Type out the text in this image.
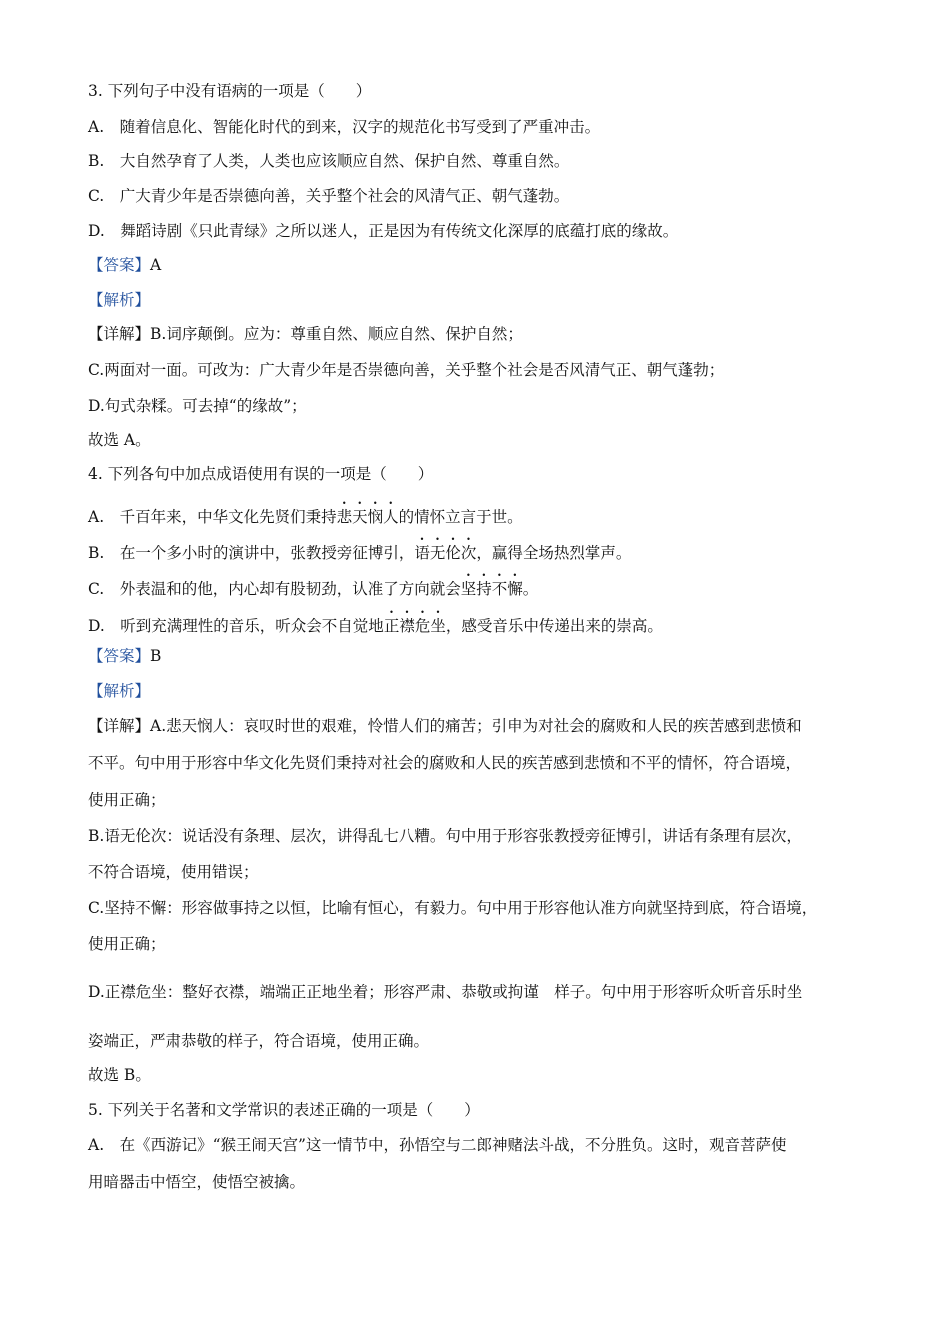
3. 下列句子中没有语病的一项是（　　）
A.　随着信息化、智能化时代的到来，汉字的规范化书写受到了严重冲击。
B.　大自然孕育了人类，人类也应该顺应自然、保护自然、尊重自然。
C.　广大青少年是否崇德向善，关乎整个社会的风清气正、朝气蓬勃。
D.　舞蹈诗剧《只此青绿》之所以迷人，正是因为有传统文化深厚的底蕴打底的缘故。
【答案】A
【解析】
【详解】B.词序颠倒。应为：尊重自然、顺应自然、保护自然；
C.两面对一面。可改为：广大青少年是否崇德向善，关乎整个社会是否风清气正、朝气蓬勃；
D.句式杂糅。可去掉“的缘故”；
故选 A。
4. 下列各句中加点成语使用有误的一项是（　　）
A.　千百年来，中华文化先贤们秉持悲天悯人的情怀立言于世。
B.　在一个多小时的演讲中，张教授旁征博引，语无伦次，赢得全场热烈掌声。
C.　外表温和的他，内心却有股韧劲，认准了方向就会坚持不懈。
D.　听到充满理性的音乐，听众会不自觉地正襟危坐，感受音乐中传递出来的崇高。
【答案】B
【解析】
【详解】A.悲天悯人：哀叹时世的艰难，怜惜人们的痛苦；引申为对社会的腐败和人民的疾苦感到悲愤和
不平。句中用于形容中华文化先贤们秉持对社会的腐败和人民的疾苦感到悲愤和不平的情怀，符合语境，
使用正确；
B.语无伦次：说话没有条理、层次，讲得乱七八糟。句中用于形容张教授旁征博引，讲话有条理有层次，
不符合语境，使用错误；
C.坚持不懈：形容做事持之以恒，比喻有恒心，有毅力。句中用于形容他认准方向就坚持到底，符合语境，
使用正确；
D.正襟危坐：整好衣襟，端端正正地坐着；形容严肃、恭敬或拘谨　样子。句中用于形容听众听音乐时坐
姿端正，严肃恭敬的样子，符合语境，使用正确。
故选 B。
5. 下列关于名著和文学常识的表述正确的一项是（　　）
A.　在《西游记》“猴王闹天宫”这一情节中，孙悟空与二郎神赌法斗战，不分胜负。这时，观音菩萨使
用暗器击中悟空，使悟空被擒。
